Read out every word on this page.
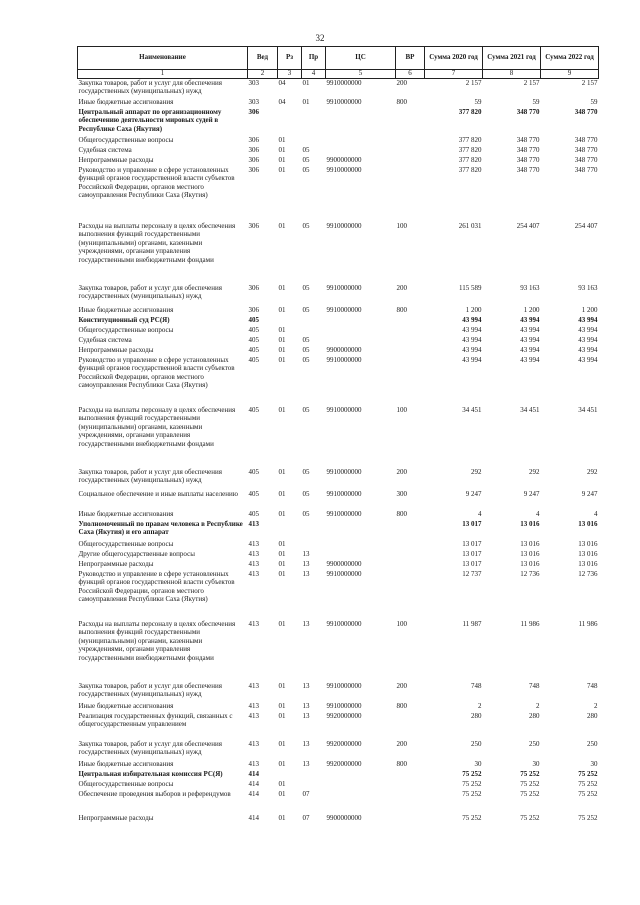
32
Наименование	Вед	Рз	Пр	ЦС	ВР	Сумма 2020 год	Сумма 2021 год	Сумма 2022 год
1	2	3	4	5	6	7	8	9
Закупка товаров, работ и услуг для обеспечения государственных (муниципальных) нужд	303	04	01	9910000000	200	2 157	2 157	2 157
Иные бюджетные ассигнования	303	04	01	9910000000	800	59	59	59
Центральный аппарат по организационному обеспечению деятельности мировых судей в Республике Саха (Якутия)	306					377 820	348 770	348 770
Общегосударственные вопросы	306	01				377 820	348 770	348 770
Судебная система	306	01	05			377 820	348 770	348 770
Непрограммные расходы	306	01	05	9900000000		377 820	348 770	348 770
Руководство и управление в сфере установленных функций органов государственной власти субъектов Российской Федерации, органов местного самоуправления Республики Саха (Якутия)	306	01	05	9910000000		377 820	348 770	348 770
Расходы на выплаты персоналу в целях обеспечения выполнения функций государственными (муниципальными) органами, казенными учреждениями, органами управления государственными внебюджетными фондами	306	01	05	9910000000	100	261 031	254 407	254 407
Закупка товаров, работ и услуг для обеспечения государственных (муниципальных) нужд	306	01	05	9910000000	200	115 589	93 163	93 163
Иные бюджетные ассигнования	306	01	05	9910000000	800	1 200	1 200	1 200
Конституционный суд РС(Я)	405					43 994	43 994	43 994
Общегосударственные вопросы	405	01				43 994	43 994	43 994
Судебная система	405	01	05			43 994	43 994	43 994
Непрограммные расходы	405	01	05	9900000000		43 994	43 994	43 994
Руководство и управление в сфере установленных функций органов государственной власти субъектов Российской Федерации, органов местного самоуправления Республики Саха (Якутия)	405	01	05	9910000000		43 994	43 994	43 994
Расходы на выплаты персоналу в целях обеспечения выполнения функций государственными (муниципальными) органами, казенными учреждениями, органами управления государственными внебюджетными фондами	405	01	05	9910000000	100	34 451	34 451	34 451
Закупка товаров, работ и услуг для обеспечения государственных (муниципальных) нужд	405	01	05	9910000000	200	292	292	292
Социальное обеспечение и иные выплаты населению	405	01	05	9910000000	300	9 247	9 247	9 247
Иные бюджетные ассигнования	405	01	05	9910000000	800	4	4	4
Уполномоченный по правам человека в Республике Саха (Якутия) и его аппарат	413					13 017	13 016	13 016
Общегосударственные вопросы	413	01				13 017	13 016	13 016
Другие общегосударственные вопросы	413	01	13			13 017	13 016	13 016
Непрограммные расходы	413	01	13	9900000000		13 017	13 016	13 016
Руководство и управление в сфере установленных функций органов государственной власти субъектов Российской Федерации, органов местного самоуправления Республики Саха (Якутия)	413	01	13	9910000000		12 737	12 736	12 736
Расходы на выплаты персоналу в целях обеспечения выполнения функций государственными (муниципальными) органами, казенными учреждениями, органами управления государственными внебюджетными фондами	413	01	13	9910000000	100	11 987	11 986	11 986
Закупка товаров, работ и услуг для обеспечения государственных (муниципальных) нужд	413	01	13	9910000000	200	748	748	748
Иные бюджетные ассигнования	413	01	13	9910000000	800	2	2	2
Реализация государственных функций, связанных с общегосударственным управлением	413	01	13	9920000000		280	280	280
Закупка товаров, работ и услуг для обеспечения государственных (муниципальных) нужд	413	01	13	9920000000	200	250	250	250
Иные бюджетные ассигнования	413	01	13	9920000000	800	30	30	30
Центральная избирательная комиссия РС(Я)	414					75 252	75 252	75 252
Общегосударственные вопросы	414	01				75 252	75 252	75 252
Обеспечение проведения выборов и референдумов	414	01	07			75 252	75 252	75 252
Непрограммные расходы	414	01	07	9900000000		75 252	75 252	75 252
